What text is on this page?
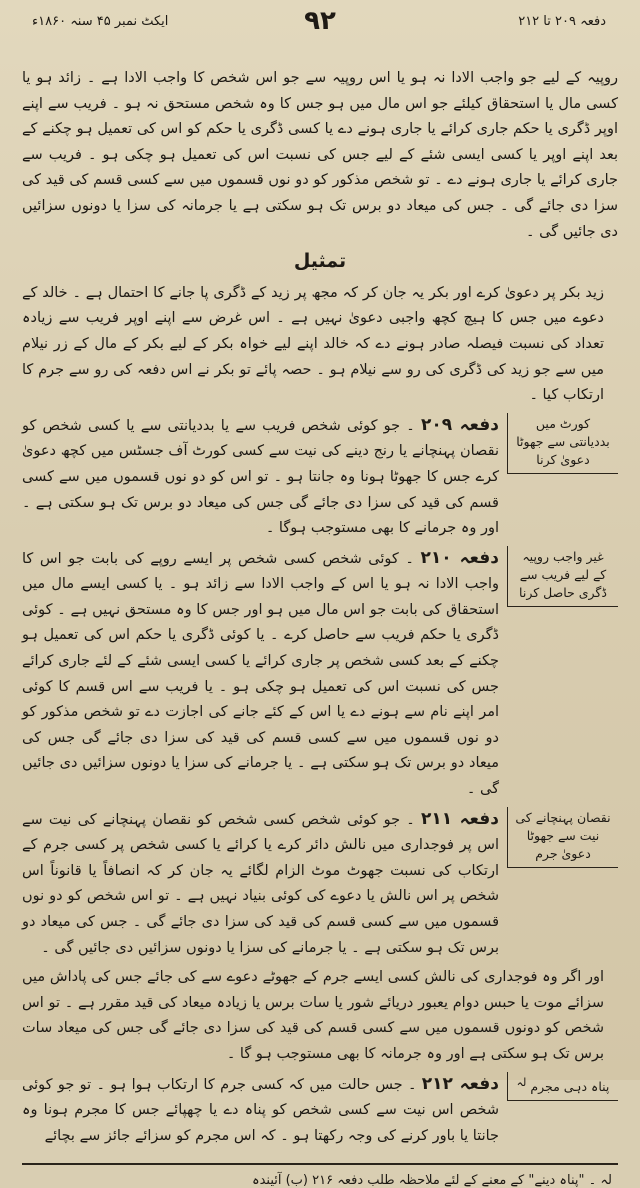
ایکٹ نمبر ۴۵ سنہ ۱۸۶۰ء	۹۲	دفعہ ۲۰۹ تا ۲۱۲

روپیہ کے لیے جو واجب الادا نہ ہو یا اس روپیہ سے جو اس شخص کا واجب الادا ہے ۔ زائد ہو یا کسی مال یا استحقاق کیلئے جو اس مال میں ہو جس کا وہ شخص مستحق نہ ہو ۔ فریب سے اپنے اوپر ڈگری یا حکم جاری کرائے یا جاری ہونے دے یا کسی ڈگری یا حکم کو اس کی تعمیل ہو چکنے کے بعد اپنے اوپر یا کسی ایسی شئے کے لیے جس کی نسبت اس کی تعمیل ہو چکی ہو ۔ فریب سے جاری کرائے یا جاری ہونے دے ۔ تو شخص مذکور کو دو نوں قسموں میں سے کسی قسم کی قید کی سزا دی جائے گی ۔ جس کی میعاد دو برس تک ہو سکتی ہے یا جرمانہ کی سزا یا دونوں سزائیں دی جائیں گی ۔

تمثیل

زید بکر پر دعویٰ کرے اور بکر یہ جان کر کہ مجھ پر زید کے ڈگری پا جانے کا احتمال ہے ۔ خالد کے دعوے میں جس کا ہیچ کچھ واجبی دعویٰ نہیں ہے ۔ اس غرض سے اپنے اوپر فریب سے زیادہ تعداد کی نسبت فیصلہ صادر ہونے دے کہ خالد اپنے لیے خواہ بکر کے لیے بکر کے مال کے زر نیلام میں سے جو زید کی ڈگری کی رو سے نیلام ہو ۔ حصہ پائے تو بکر نے اس دفعہ کی رو سے جرم کا ارتکاب کیا ۔

کورٹ میں بددیانتی سے جھوٹا دعویٰ کرنا
دفعہ ۲۰۹ ۔ جو کوئی شخص فریب سے یا بددیانتی سے یا کسی شخص کو نقصان پہنچانے یا رنج دینے کی نیت سے کسی کورٹ آف جسٹس میں کچھ دعویٰ کرے جس کا جھوٹا ہونا وہ جانتا ہو ۔ تو اس کو دو نوں قسموں میں سے کسی قسم کی قید کی سزا دی جائے گی جس کی میعاد دو برس تک ہو سکتی ہے ۔ اور وہ جرمانے کا بھی مستوجب ہوگا ۔
غیر واجب روپیہ کے لیے فریب سے ڈگری حاصل کرنا
دفعہ ۲۱۰ ۔ کوئی شخص کسی شخص پر ایسے روپے کی بابت جو اس کا واجب الادا نہ ہو یا اس کے واجب الادا سے زائد ہو ۔ یا کسی ایسے مال میں استحقاق کی بابت جو اس مال میں ہو اور جس کا وہ مستحق نہیں ہے ۔ کوئی ڈگری یا حکم فریب سے حاصل کرے ۔ یا کوئی ڈگری یا حکم اس کی تعمیل ہو چکنے کے بعد کسی شخص پر جاری کرائے یا کسی ایسی شئے کے لئے جاری کرائے جس کی نسبت اس کی تعمیل ہو چکی ہو ۔ یا فریب سے اس قسم کا کوئی امر اپنے نام سے ہونے دے یا اس کے کئے جانے کی اجازت دے تو شخص مذکور کو دو نوں قسموں میں سے کسی قسم کی قید کی سزا دی جائے گی جس کی میعاد دو برس تک ہو سکتی ہے ۔ یا جرمانے کی سزا یا دونوں سزائیں دی جائیں گی ۔
نقصان پہنچانے کی نیت سے جھوٹا دعویٰ جرم
دفعہ ۲۱۱ ۔ جو کوئی شخص کسی شخص کو نقصان پہنچانے کی نیت سے اس پر فوجداری میں نالش دائر کرے یا کرائے یا کسی شخص پر کسی جرم کے ارتکاب کی نسبت جھوٹ موٹ الزام لگائے یہ جان کر کہ انصافاً یا قانوناً اس شخص پر اس نالش یا دعوے کی کوئی بنیاد نہیں ہے ۔ تو اس شخص کو دو نوں قسموں میں سے کسی قسم کی قید کی سزا دی جائے گی ۔ جس کی میعاد دو برس تک ہو سکتی ہے ۔ یا جرمانے کی سزا یا دونوں سزائیں دی جائیں گی ۔

اور اگر وہ فوجداری کی نالش کسی ایسے جرم کے جھوٹے دعوے سے کی جائے جس کی پاداش میں سزائے موت یا حبس دوام یعبور دریائے شور یا سات برس یا زیادہ میعاد کی قید مقرر ہے ۔ تو اس شخص کو دونوں قسموں میں سے کسی قسم کی قید کی سزا دی جائے گی جس کی میعاد سات برس تک ہو سکتی ہے اور وہ جرمانہ کا بھی مستوجب ہو گا ۔

پناہ دہی مجرم لہ
دفعہ ۲۱۲ ۔ جس حالت میں کہ کسی جرم کا ارتکاب ہوا ہو ۔ تو جو کوئی شخص اس نیت سے کسی شخص کو پناہ دے یا چھپائے جس کا مجرم ہونا وہ جانتا یا باور کرنے کی وجہ رکھتا ہو ۔ کہ اس مجرم کو سزائے جائز سے بچائے
لہ ۔ "پناہ دینے" کے معنے کے لئے ملاحظہ طلب دفعہ ۲۱۶ (ب) آئیندہ
